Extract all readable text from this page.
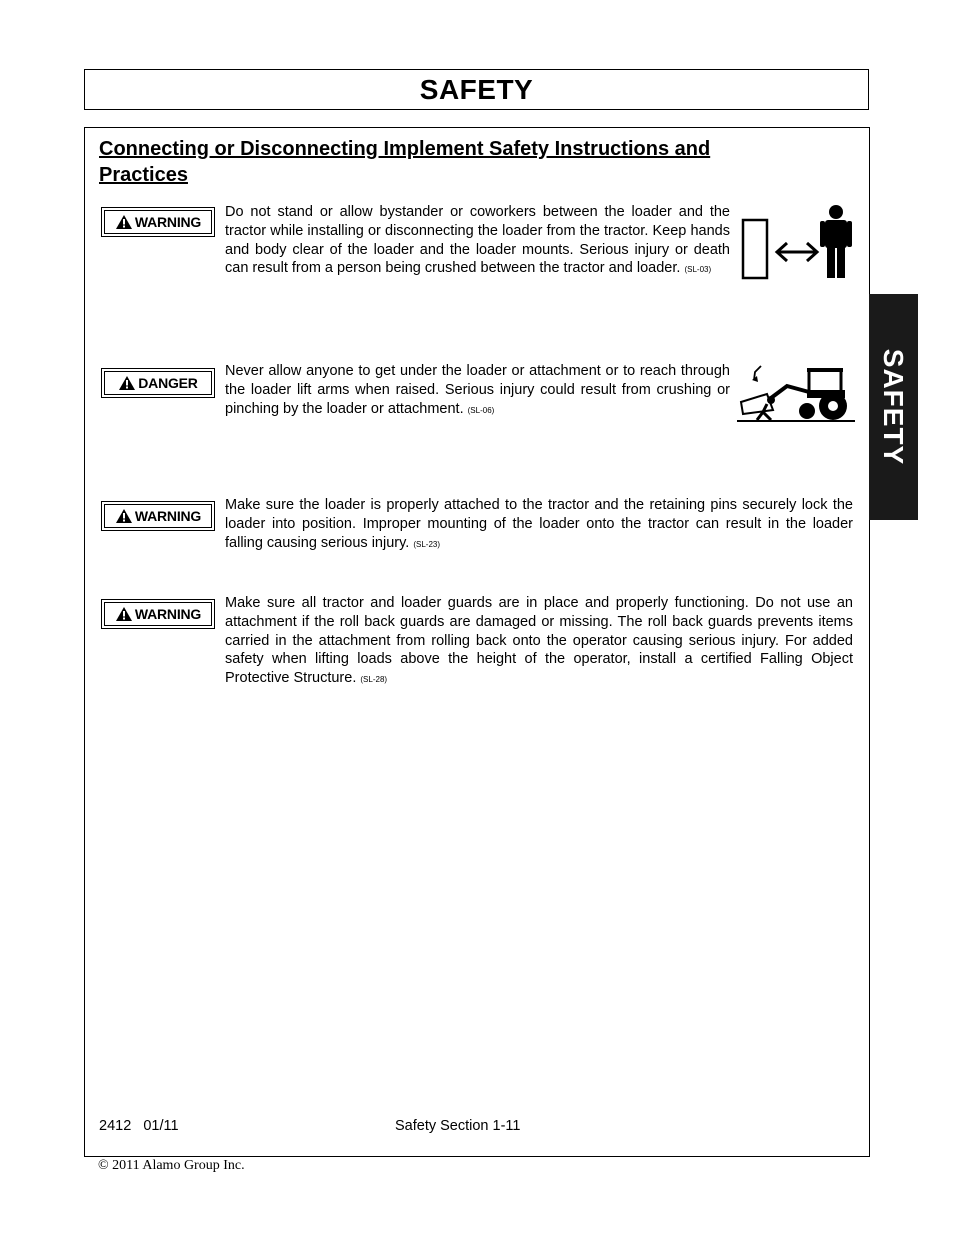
SAFETY
Connecting or Disconnecting Implement Safety Instructions and Practices
WARNING
Do not stand or allow bystander or coworkers between the loader and the tractor while installing or disconnecting the loader from the tractor. Keep hands and body clear of the loader and the loader mounts. Serious injury or death can result from a person being crushed between the tractor and loader. (SL-03)
DANGER
Never allow anyone to get under the loader or attachment or to reach through the loader lift arms when raised. Serious injury could result from crushing or pinching by the loader or attachment. (SL-06)
WARNING
Make sure the loader is properly attached to the tractor and the retaining pins securely lock the loader into position. Improper mounting of the loader onto the tractor can result in the loader falling causing serious injury. (SL-23)
WARNING
Make sure all tractor and loader guards are in place and properly functioning. Do not use an attachment if the roll back guards are damaged or missing. The roll back guards prevents items carried in the attachment from rolling back onto the operator causing serious injury. For added safety when lifting loads above the height of the operator, install a certified Falling Object Protective Structure. (SL-28)
2412   01/11	Safety Section 1-11
SAFETY
© 2011 Alamo Group Inc.
